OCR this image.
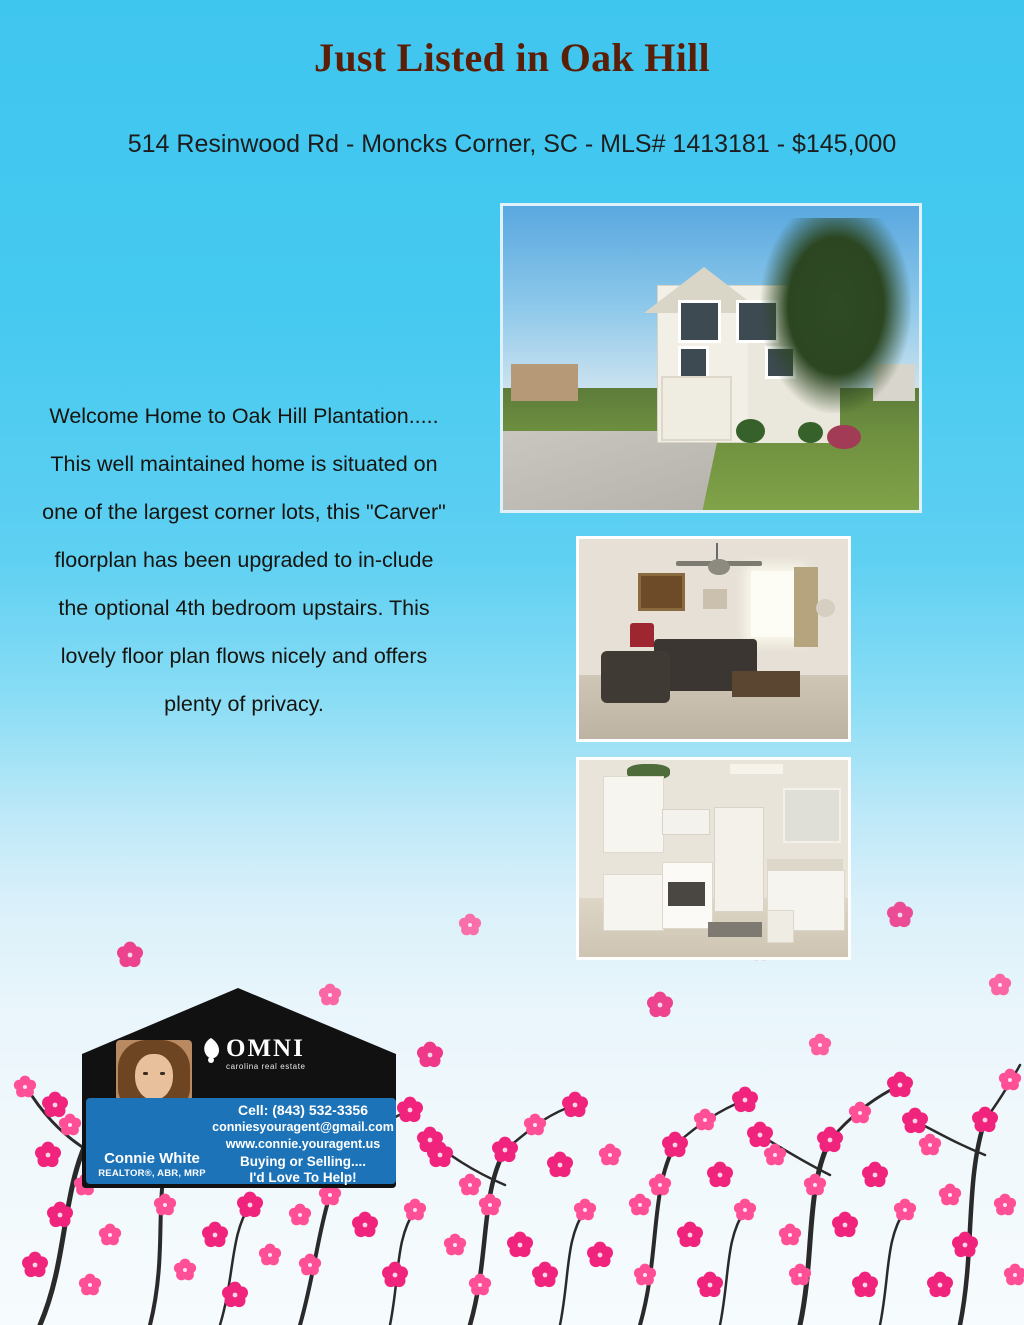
Just Listed in Oak Hill
514 Resinwood Rd - Moncks Corner, SC - MLS# 1413181 - $145,000
Welcome Home to Oak Hill Plantation..... This well maintained home is situated on one of the largest corner lots, this "Carver" floorplan has been upgraded to in-clude the optional 4th bedroom upstairs. This lovely floor plan flows nicely and offers plenty of privacy.
OMNI
carolina real estate
Cell: (843) 532-3356
conniesyouragent@gmail.com
www.connie.youragent.us
Buying or Selling....
I'd Love To Help!
Connie White
REALTOR®, ABR, MRP
